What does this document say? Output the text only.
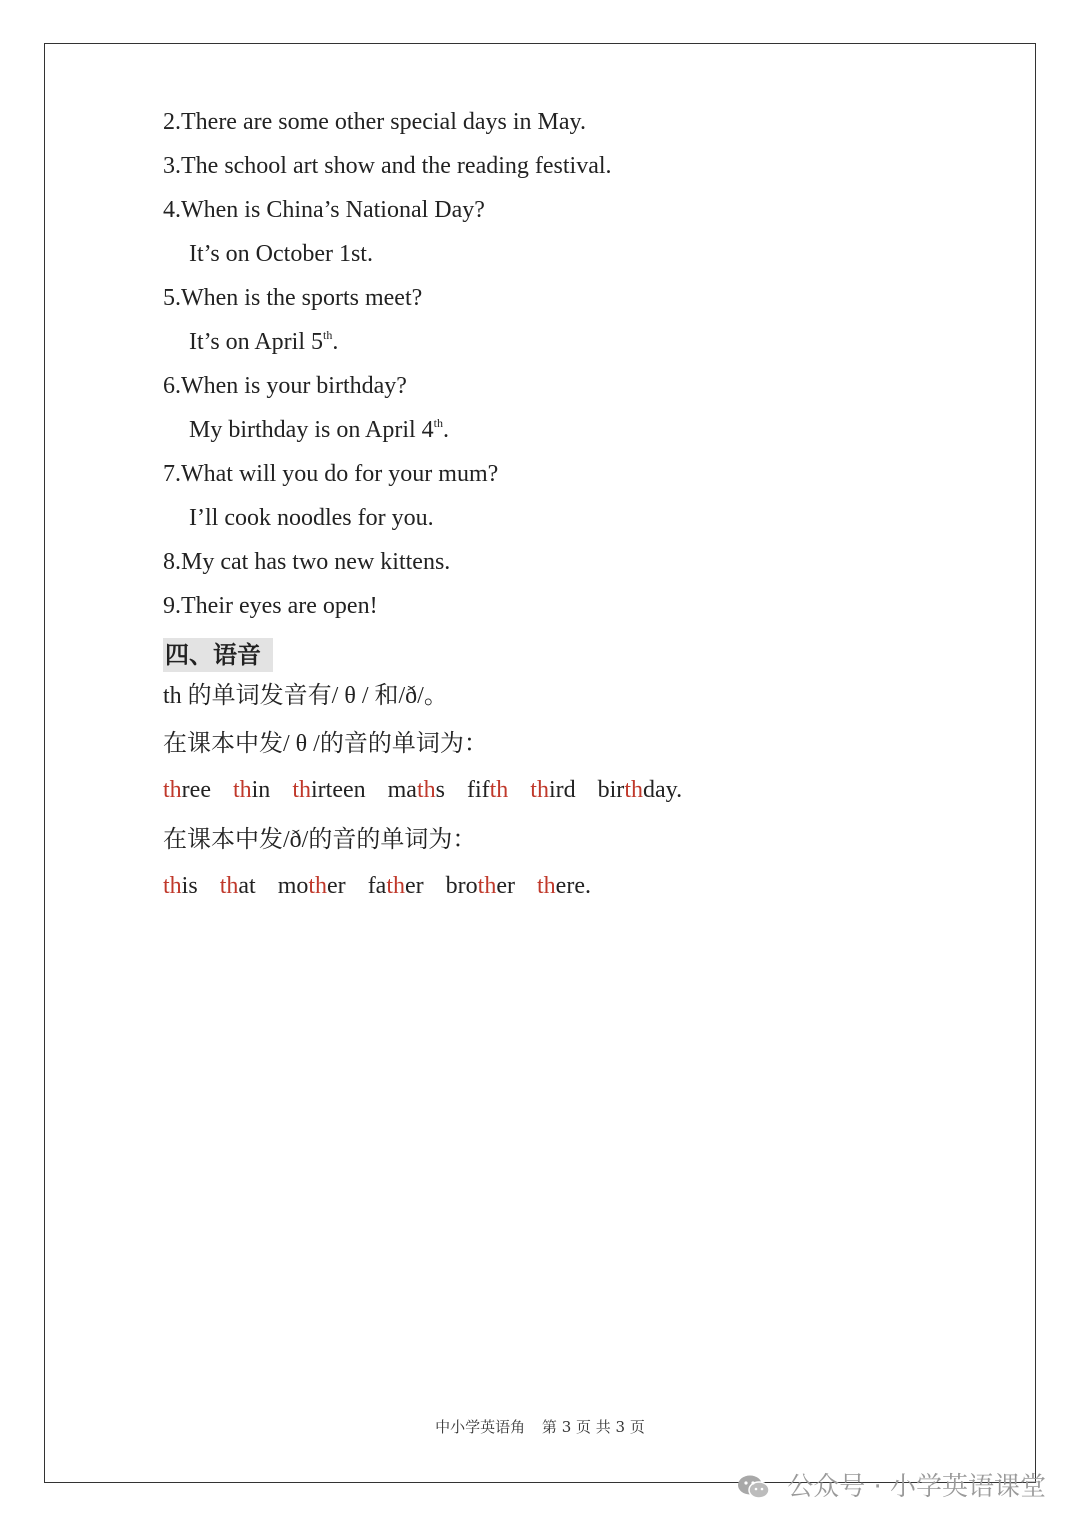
2.There are some other special days in May.
3.The school art show and the reading festival.
4.When is China’s National Day?
It’s on October 1st.
5.When is the sports meet?
It’s on April 5th.
6.When is your birthday?
My birthday is on April 4th.
7.What will you do for your mum?
I’ll cook noodles for you.
8.My cat has two new kittens.
9.Their eyes are open!
四、语音
th 的单词发音有/ θ / 和/ð/。
在课本中发/ θ /的音的单词为：
three thin thirteen maths fifth third birthday.
在课本中发/ð/的音的单词为：
this that mother father brother there.
中小学英语角 第 3 页 共 3 页
公众号 · 小学英语课堂
